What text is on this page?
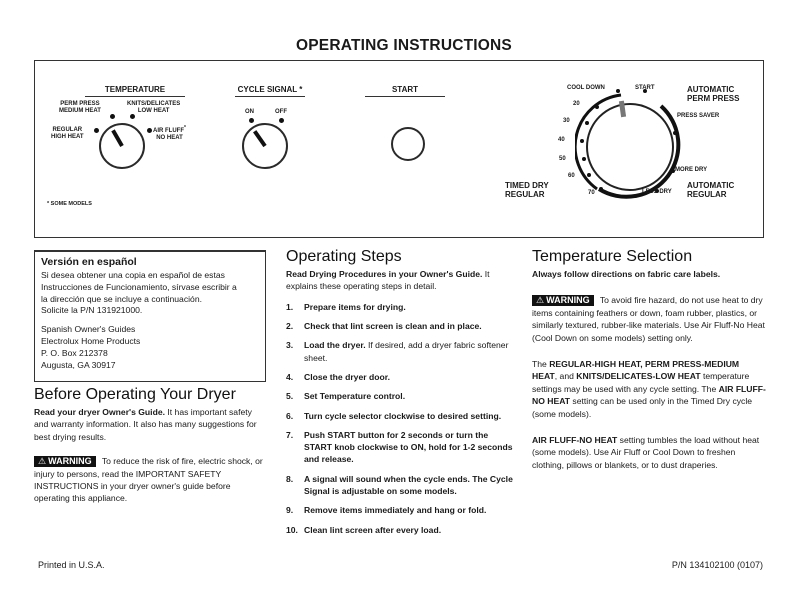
OPERATING INSTRUCTIONS
TEMPERATURE
PERM PRESS
MEDIUM HEAT
KNITS/DELICATES
LOW HEAT
REGULAR
HIGH HEAT
AIR FLUFF*
NO HEAT
CYCLE SIGNAL *
ON	OFF
START	COOL DOWN	START
20
30
40
50
60
70
AUTOMATIC
PERM PRESS
PRESS SAVER
MORE DRY
LESS DRY
AUTOMATIC
REGULAR
TIMED DRY
REGULAR
* SOME MODELS
Versión en español
Si desea obtener una copia en español de estas
Instrucciones de Funcionamiento, sírvase escribir a
la dirección que se incluye a continuación.
Solicite la P/N 131921000.
Spanish Owner's Guides
Electrolux Home Products
P. O. Box 212378
Augusta, GA 30917
Before Operating Your Dryer
Read your dryer Owner's Guide. It has important safety and warranty information. It also has many suggestions for best drying results.
⚠ WARNING To reduce the risk of fire, electric shock, or injury to persons, read the IMPORTANT SAFETY INSTRUCTIONS in your dryer owner's guide before operating this appliance.
Operating Steps
Read Drying Procedures in your Owner's Guide. It explains these operating steps in detail.
1. Prepare items for drying.
2. Check that lint screen is clean and in place.
3. Load the dryer. If desired, add a dryer fabric softener sheet.
4. Close the dryer door.
5. Set Temperature control.
6. Turn cycle selector clockwise to desired setting.
7. Push START button for 2 seconds or turn the START knob clockwise to ON, hold for 1-2 seconds and release.
8. A signal will sound when the cycle ends. The Cycle Signal is adjustable on some models.
9. Remove items immediately and hang or fold.
10. Clean lint screen after every load.
Temperature Selection
Always follow directions on fabric care labels.
⚠ WARNING To avoid fire hazard, do not use heat to dry items containing feathers or down, foam rubber, plastics, or similarly textured, rubber-like materials. Use Air Fluff-No Heat (Cool Down on some models) setting only.
The REGULAR-HIGH HEAT, PERM PRESS-MEDIUM HEAT, and KNITS/DELICATES-LOW HEAT temperature settings may be used with any cycle setting. The AIR FLUFF-NO HEAT setting can be used only in the Timed Dry cycle (some models).
AIR FLUFF-NO HEAT setting tumbles the load without heat (some models). Use Air Fluff or Cool Down to freshen clothing, pillows or blankets, or to dust draperies.
Printed in U.S.A.	P/N 134102100 (0107)
